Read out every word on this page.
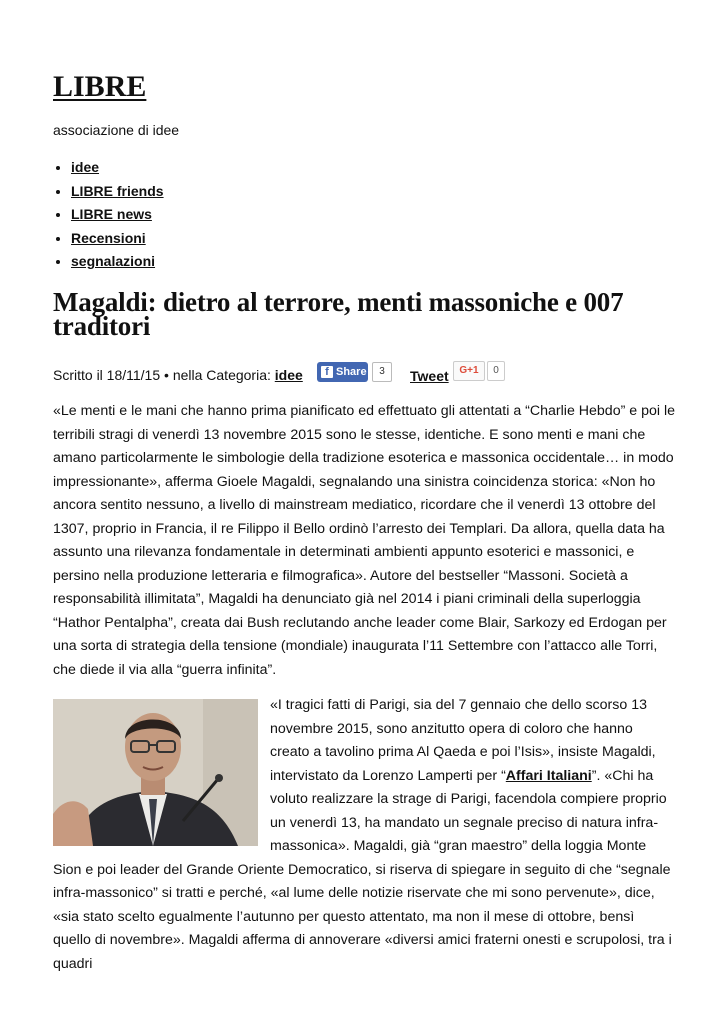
LIBRE
associazione di idee
• idee
• LIBRE friends
• LIBRE news
• Recensioni
• segnalazioni
Magaldi: dietro al terrore, menti massoniche e 007 traditori
Scritto il 18/11/15 • nella Categoria: idee	f Share	3	Tweet	G+1	0

«Le menti e le mani che hanno prima pianificato ed effettuato gli attentati a “Charlie Hebdo” e poi le terribili stragi di venerdì 13 novembre 2015 sono le stesse, identiche. E sono menti e mani che amano particolarmente le simbologie della tradizione esoterica e massonica occidentale… in modo impressionante», afferma Gioele Magaldi, segnalando una sinistra coincidenza storica: «Non ho ancora sentito nessuno, a livello di mainstream mediatico, ricordare che il venerdì 13 ottobre del 1307, proprio in Francia, il re Filippo il Bello ordinò l’arresto dei Templari. Da allora, quella data ha assunto una rilevanza fondamentale in determinati ambienti appunto esoterici e massonici, e persino nella produzione letteraria e filmografica». Autore del bestseller “Massoni. Società a responsabilità illimitata”, Magaldi ha denunciato già nel 2014 i piani criminali della superloggia “Hathor Pentalpha”, creata dai Bush reclutando anche leader come Blair, Sarkozy ed Erdogan per una sorta di strategia della tensione (mondiale) inaugurata l’11 Settembre con l’attacco alle Torri, che diede il via alla “guerra infinita”.

«I tragici fatti di Parigi, sia del 7 gennaio che dello scorso 13 novembre 2015, sono anzitutto opera di coloro che hanno creato a tavolino prima Al Qaeda e poi l’Isis», insiste Magaldi, intervistato da Lorenzo Lamperti per “Affari Italiani”. «Chi ha voluto realizzare la strage di Parigi, facendola compiere proprio un venerdì 13, ha mandato un segnale preciso di natura infra-massonica». Magaldi, già “gran maestro” della loggia Monte Sion e poi leader del Grande Oriente Democratico, si riserva di spiegare in seguito di che “segnale infra-massonico” si tratti e perché, «al lume delle notizie riservate che mi sono pervenute», dice, «sia stato scelto egualmente l’autunno per questo attentato, ma non il mese di ottobre, bensì quello di novembre». Magaldi afferma di annoverare «diversi amici fraterni onesti e scrupolosi, tra i quadri
